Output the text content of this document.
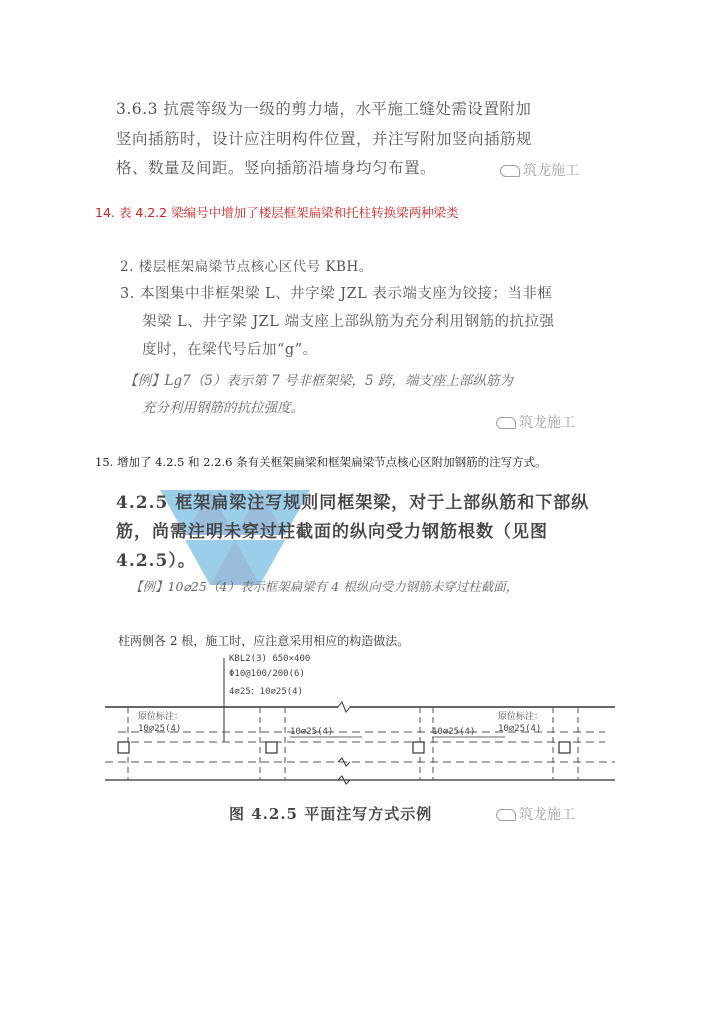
3.6.3 抗震等级为一级的剪力墙，水平施工缝处需设置附加
竖向插筋时，设计应注明构件位置，并注写附加竖向插筋规
格、数量及间距。竖向插筋沿墙身均匀布置。	筑龙施工
14. 表 4.2.2 梁编号中增加了楼层框架扁梁和托柱转换梁两种梁类
2. 楼层框架扁梁节点核心区代号 KBH。
3. 本图集中非框架梁 L、井字梁 JZL 表示端支座为铰接；当非框
架梁 L、井字梁 JZL 端支座上部纵筋为充分利用钢筋的抗拉强
度时，在梁代号后加“g”。
【例】Lg7（5）表示第 7 号非框架梁，5 跨，端支座上部纵筋为
充分利用钢筋的抗拉强度。
筑龙施工
15. 增加了 4.2.5 和 2.2.6 条有关框架扁梁和框架扁梁节点核心区附加钢筋的注写方式。
4.2.5 框架扁梁注写规则同框架梁，对于上部纵筋和下部纵
筋，尚需注明未穿过柱截面的纵向受力钢筋根数（见图
4.2.5）。
【例】10⌀25（4）表示框架扁梁有 4 根纵向受力钢筋未穿过柱截面，
柱两侧各 2 根，施工时，应注意采用相应的构造做法。
KBL2(3) 650×400
Φ10@100/200(6)
4⌀25；10⌀25(4)
原位标注：
10⌀25(4)	10⌀25(4)	10⌀25(4)
原位标注：
10⌀25(4)
图 4.2.5 平面注写方式示例	筑龙施工
